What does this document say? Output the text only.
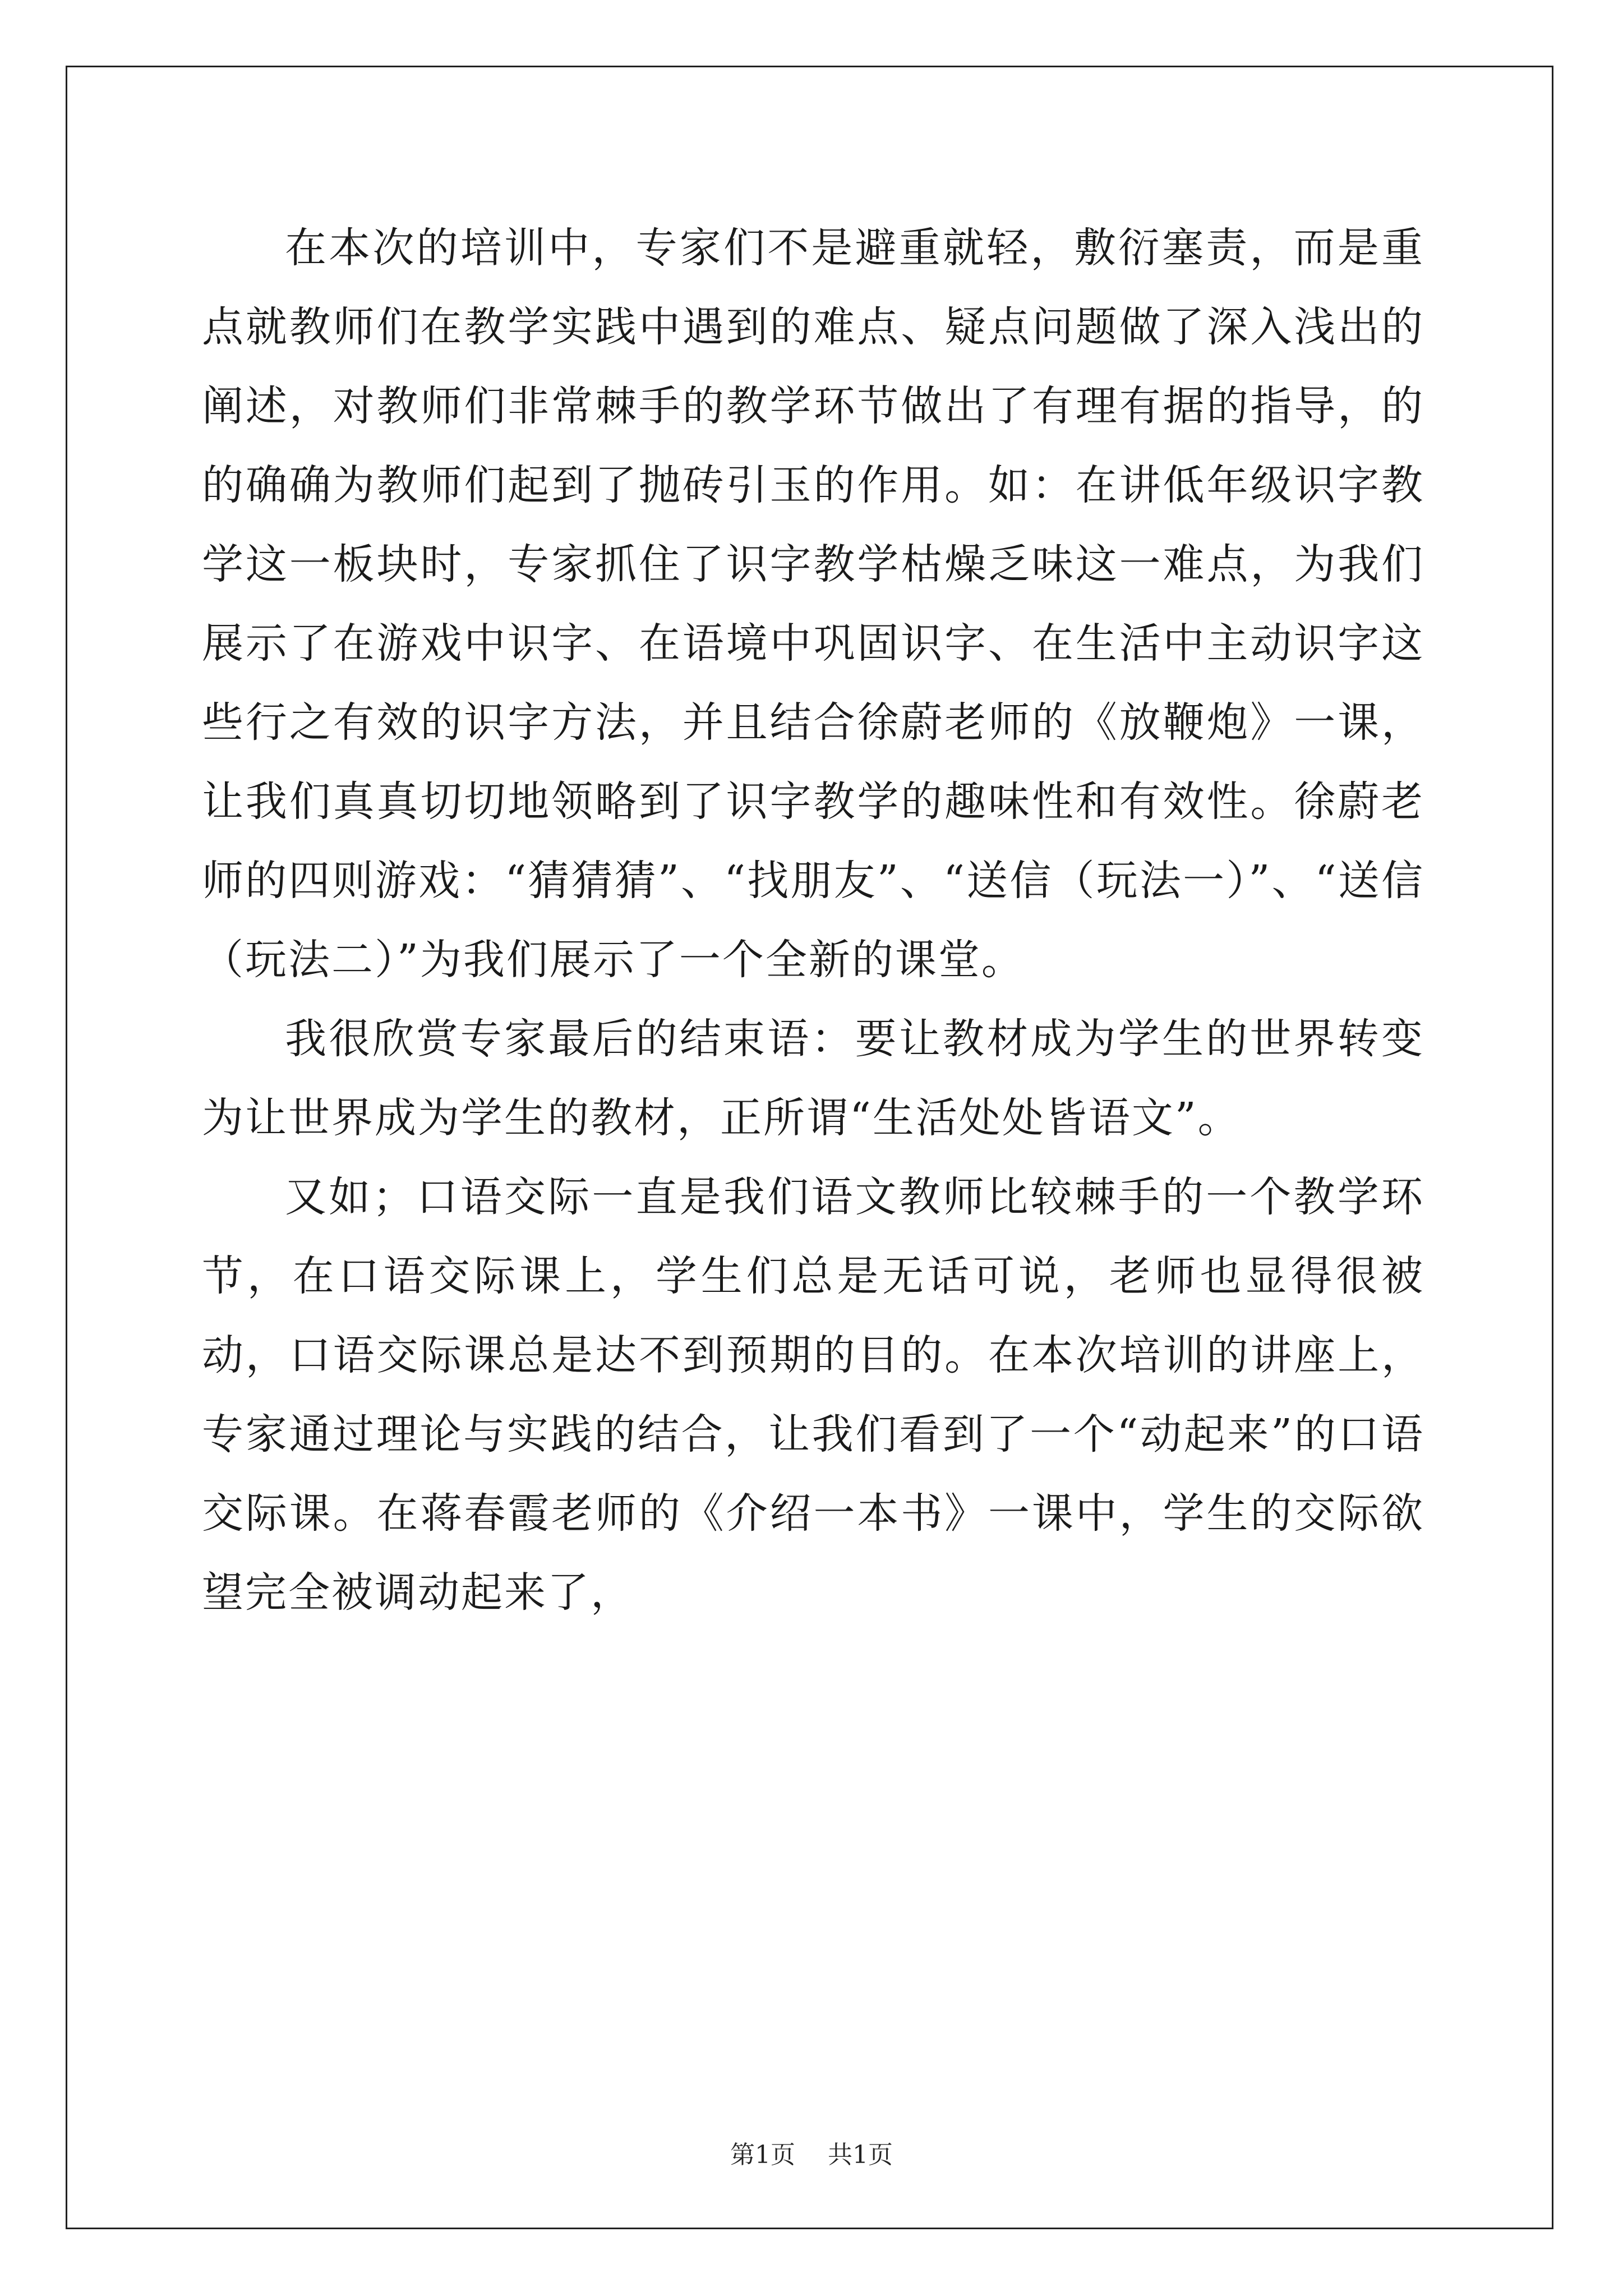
在本次的培训中，专家们不是避重就轻，敷衍塞责，而是重点就教师们在教学实践中遇到的难点、疑点问题做了深入浅出的阐述，对教师们非常棘手的教学环节做出了有理有据的指导，的的确确为教师们起到了抛砖引玉的作用。如：在讲低年级识字教学这一板块时，专家抓住了识字教学枯燥乏味这一难点，为我们展示了在游戏中识字、在语境中巩固识字、在生活中主动识字这些行之有效的识字方法，并且结合徐蔚老师的《放鞭炮》一课，让我们真真切切地领略到了识字教学的趣味性和有效性。徐蔚老师的四则游戏：“猜猜猜”、“找朋友”、“送信（玩法一）”、“送信（玩法二）”为我们展示了一个全新的课堂。

我很欣赏专家最后的结束语：要让教材成为学生的世界转变为让世界成为学生的教材，正所谓“生活处处皆语文”。

又如；口语交际一直是我们语文教师比较棘手的一个教学环节，在口语交际课上，学生们总是无话可说，老师也显得很被动，口语交际课总是达不到预期的目的。在本次培训的讲座上，专家通过理论与实践的结合，让我们看到了一个“动起来”的口语交际课。在蒋春霞老师的《介绍一本书》一课中，学生的交际欲望完全被调动起来了，

第1页 共1页
